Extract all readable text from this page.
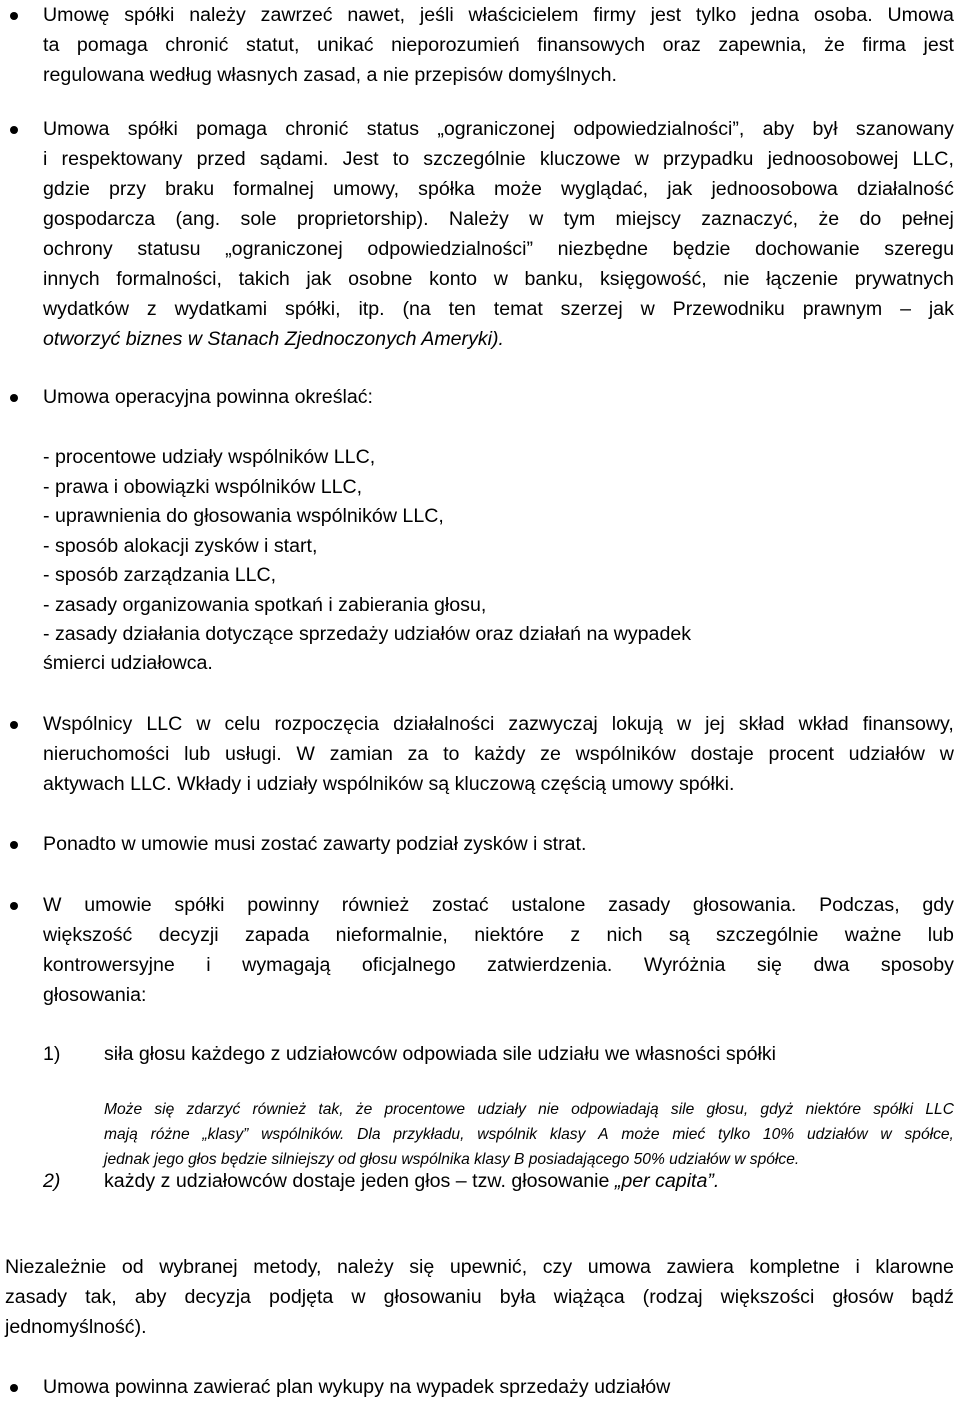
Umowę spółki należy zawrzeć nawet, jeśli właścicielem firmy jest tylko jedna osoba. Umowa
ta pomaga chronić statut, unikać nieporozumień finansowych oraz zapewnia, że firma jest
regulowana według własnych zasad, a nie przepisów domyślnych.
Umowa spółki pomaga chronić status „ograniczonej odpowiedzialności”, aby był szanowany
i respektowany przed sądami. Jest to szczególnie kluczowe w przypadku jednoosobowej LLC,
gdzie przy braku formalnej umowy, spółka może wyglądać, jak jednoosobowa działalność
gospodarcza (ang. sole proprietorship). Należy w tym miejscy zaznaczyć, że do pełnej
ochrony statusu „ograniczonej odpowiedzialności” niezbędne będzie dochowanie szeregu
innych formalności, takich jak osobne konto w banku, księgowość, nie łączenie prywatnych
wydatków z wydatkami spółki, itp. (na ten temat szerzej w Przewodniku prawnym – jak
otworzyć biznes w Stanach Zjednoczonych Ameryki).
Umowa operacyjna powinna określać:
- procentowe udziały wspólników LLC,
- prawa i obowiązki wspólników LLC,
- uprawnienia do głosowania wspólników LLC,
- sposób alokacji zysków i start,
- sposób zarządzania LLC,
- zasady organizowania spotkań i zabierania głosu,
- zasady działania dotyczące sprzedaży udziałów oraz działań na wypadek
śmierci udziałowca.
Wspólnicy LLC w celu rozpoczęcia działalności zazwyczaj lokują w jej skład wkład finansowy,
nieruchomości lub usługi. W zamian za to każdy ze wspólników dostaje procent udziałów w
aktywach LLC. Wkłady i udziały wspólników są kluczową częścią umowy spółki.
Ponadto w umowie musi zostać zawarty podział zysków i strat.
W umowie spółki powinny również zostać ustalone zasady głosowania. Podczas, gdy
większość decyzji zapada nieformalnie, niektóre z nich są szczególnie ważne lub
kontrowersyjne i wymagają oficjalnego zatwierdzenia. Wyróżnia się dwa sposoby
głosowania:
1) siła głosu każdego z udziałowców odpowiada sile udziału we własności spółki
Może się zdarzyć również tak, że procentowe udziały nie odpowiadają sile głosu, gdyż niektóre spółki LLC
mają różne „klasy” wspólników. Dla przykładu, wspólnik klasy A może mieć tylko 10% udziałów w spółce,
jednak jego głos będzie silniejszy od głosu wspólnika klasy B posiadającego 50% udziałów w spółce.
2) każdy z udziałowców dostaje jeden głos – tzw. głosowanie „per capita”.
Niezależnie od wybranej metody, należy się upewnić, czy umowa zawiera kompletne i klarowne
zasady tak, aby decyzja podjęta w głosowaniu była wiążąca (rodzaj większości głosów bądź
jednomyślność).
Umowa powinna zawierać plan wykupy na wypadek sprzedaży udziałów
